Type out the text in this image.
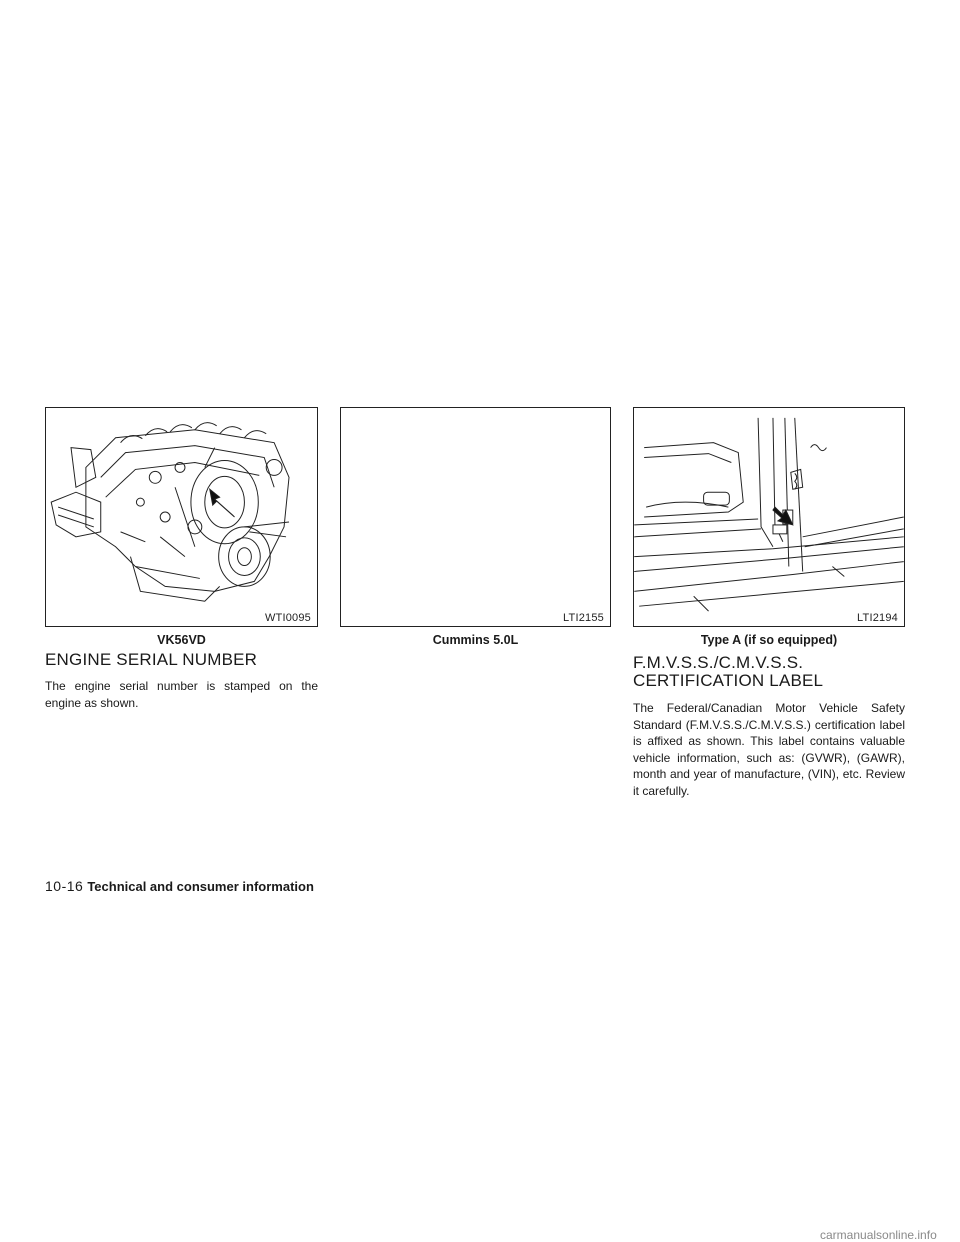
WTI0095
VK56VD
LTI2155
Cummins 5.0L
LTI2194
Type A (if so equipped)
ENGINE SERIAL NUMBER

The engine serial number is stamped on the engine as shown.

F.M.V.S.S./C.M.V.S.S.
CERTIFICATION LABEL

The Federal/Canadian Motor Vehicle Safety Standard (F.M.V.S.S./C.M.V.S.S.) certification label is affixed as shown. This label contains valuable vehicle information, such as: (GVWR), (GAWR), month and year of manufacture, (VIN), etc. Review it carefully.

10-16 Technical and consumer information
carmanualsonline.info
